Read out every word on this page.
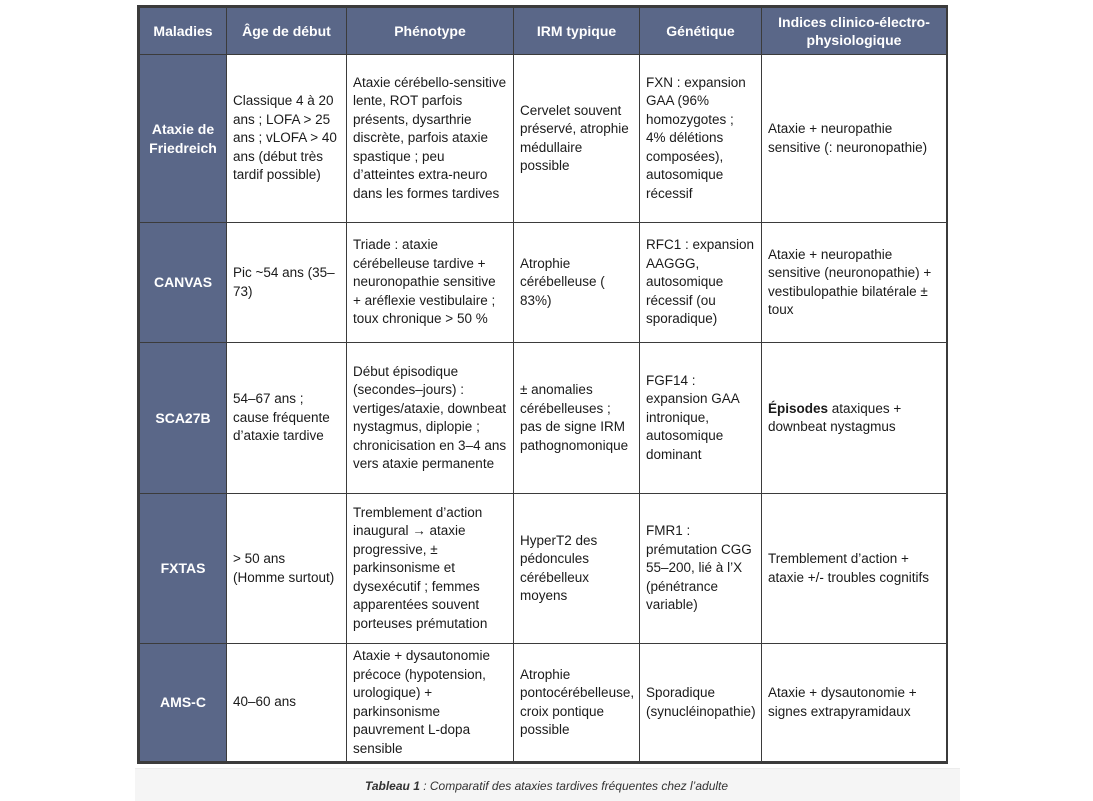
Maladies	Âge de début	Phénotype	IRM typique	Génétique	Indices clinico-électro-physiologique
Ataxie de Friedreich	Classique 4 à 20 ans ; LOFA > 25 ans ; vLOFA > 40 ans (début très tardif possible)	Ataxie cérébello-sensitive lente, ROT parfois présents, dysarthrie discrète, parfois ataxie spastique ; peu d’atteintes extra-neuro dans les formes tardives	Cervelet souvent préservé, atrophie médullaire possible	FXN : expansion GAA (96% homozygotes ; 4% délétions composées), autosomique récessif	Ataxie + neuropathie sensitive (: neuronopathie)
CANVAS	Pic ~54 ans (35–73)	Triade : ataxie cérébelleuse tardive + neuronopathie sensitive + aréflexie vestibulaire ; toux chronique > 50 %	Atrophie cérébelleuse ( 83%)	RFC1 : expansion AAGGG, autosomique récessif (ou sporadique)	Ataxie + neuropathie sensitive (neuronopathie) + vestibulopathie bilatérale ± toux
SCA27B	54–67 ans ; cause fréquente d’ataxie tardive	Début épisodique (secondes–jours) : vertiges/ataxie, downbeat nystagmus, diplopie ; chronicisation en 3–4 ans vers ataxie permanente	± anomalies cérébelleuses ; pas de signe IRM pathognomonique	FGF14 : expansion GAA intronique, autosomique dominant	Épisodes ataxiques + downbeat nystagmus
FXTAS	> 50 ans (Homme surtout)	Tremblement d’action inaugural → ataxie progressive, ± parkinsonisme et dysexécutif ; femmes apparentées souvent porteuses prémutation	HyperT2 des pédoncules cérébelleux moyens	FMR1 : prémutation CGG 55–200, lié à l’X (pénétrance variable)	Tremblement d’action + ataxie +/- troubles cognitifs
AMS-C	40–60 ans	Ataxie + dysautonomie précoce (hypotension, urologique) + parkinsonisme pauvrement L-dopa sensible	Atrophie pontocérébelleuse, croix pontique possible	Sporadique (synucléinopathie)	Ataxie + dysautonomie + signes extrapyramidaux
Tableau 1 : Comparatif des ataxies tardives fréquentes chez l’adulte
